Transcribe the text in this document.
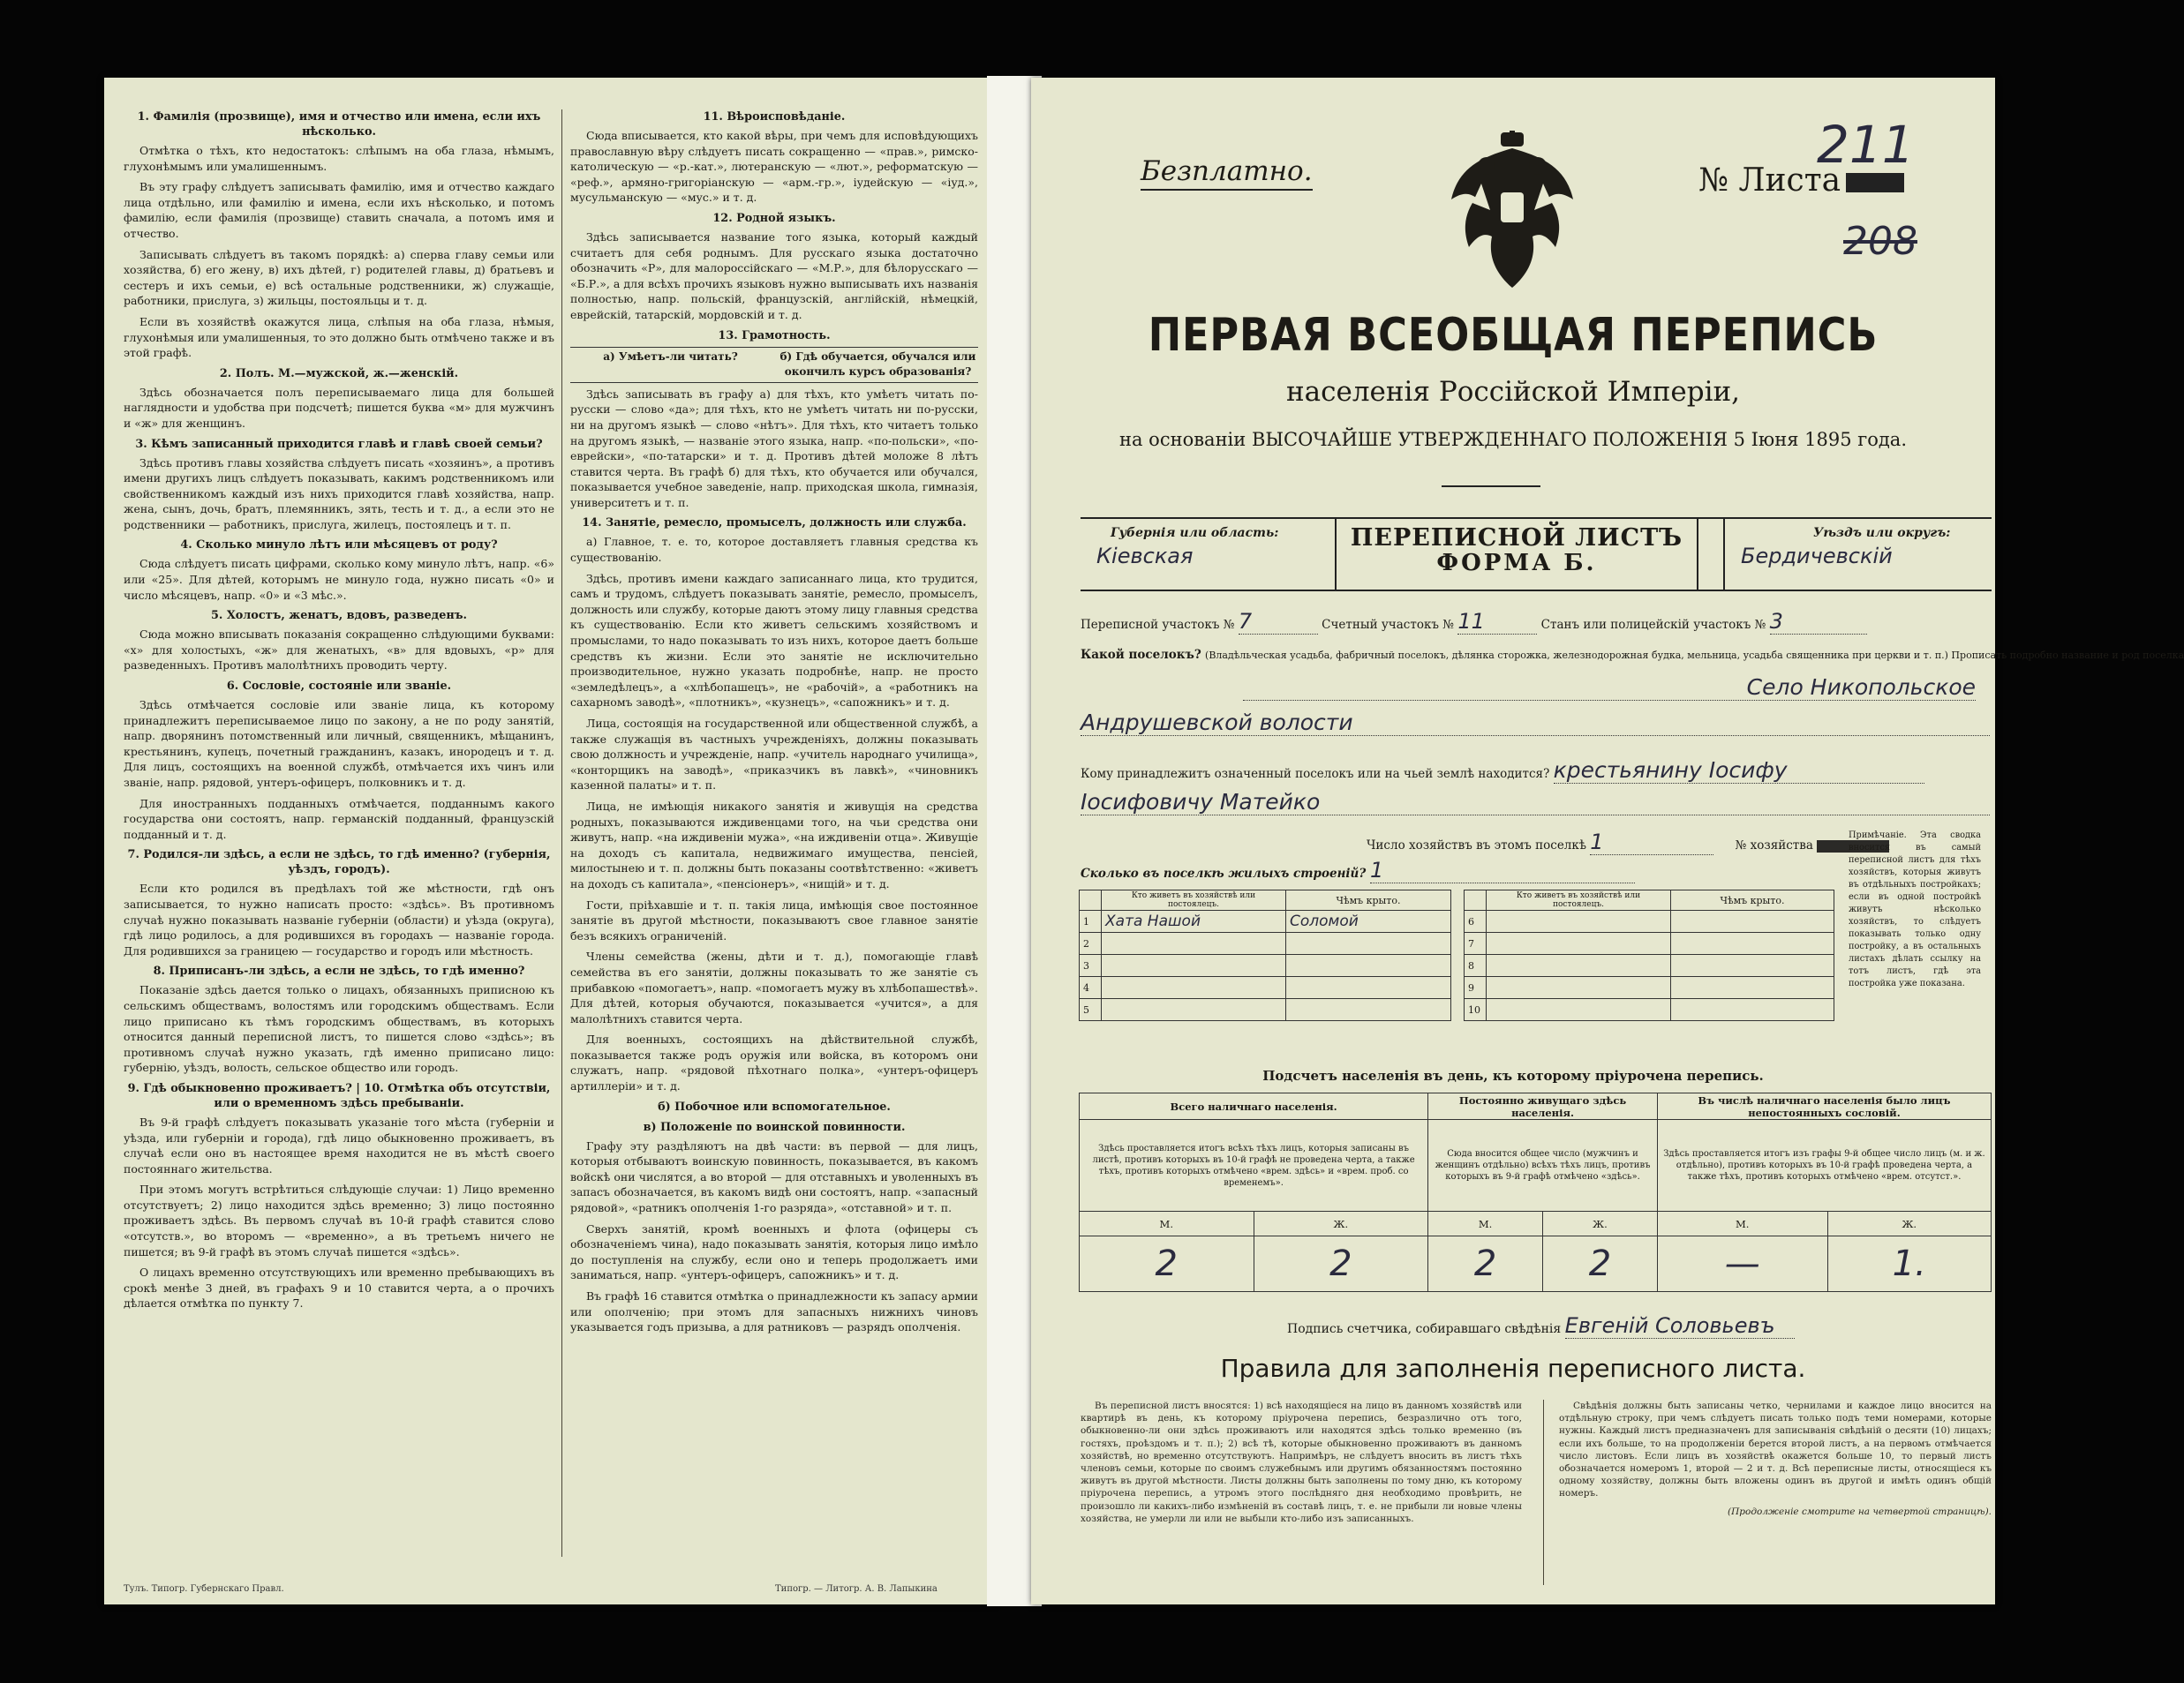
1. Фамилія (прозвище), имя и отчество или имена, если ихъ нѣсколько.

Отмѣтка о тѣхъ, кто недостатокъ: слѣпымъ на оба глаза, нѣмымъ, глухонѣмымъ или умалишеннымъ.

Въ эту графу слѣдуетъ записывать фамилію, имя и отчество каждаго лица отдѣльно, или фамилію и имена, если ихъ нѣсколько, и потомъ фамилію, если фамилія (прозвище) ставить сначала, а потомъ имя и отчество.

Записывать слѣдуетъ въ такомъ порядкѣ: а) сперва главу семьи или хозяйства, б) его жену, в) ихъ дѣтей, г) родителей главы, д) братьевъ и сестеръ и ихъ семьи, е) всѣ остальные родственники, ж) служащіе, работники, прислуга, з) жильцы, постояльцы и т. д.

Если въ хозяйствѣ окажутся лица, слѣпыя на оба глаза, нѣмыя, глухонѣмыя или умалишенныя, то это должно быть отмѣчено также и въ этой графѣ.

2. Полъ. М.—мужской, ж.—женскій.

Здѣсь обозначается полъ переписываемаго лица для большей наглядности и удобства при подсчетѣ; пишется буква «м» для мужчинъ и «ж» для женщинъ.

3. Кѣмъ записанный приходится главѣ и главѣ своей семьи?

Здѣсь противъ главы хозяйства слѣдуетъ писать «хозяинъ», а противъ имени другихъ лицъ слѣдуетъ показывать, какимъ родственникомъ или свойственникомъ каждый изъ нихъ приходится главѣ хозяйства, напр. жена, сынъ, дочь, братъ, племянникъ, зять, тесть и т. д., а если это не родственники — работникъ, прислуга, жилецъ, постоялецъ и т. п.

4. Сколько минуло лѣтъ или мѣсяцевъ от роду?

Сюда слѣдуетъ писать цифрами, сколько кому минуло лѣтъ, напр. «6» или «25». Для дѣтей, которымъ не минуло года, нужно писать «0» и число мѣсяцевъ, напр. «0» и «3 мѣс.».

5. Холостъ, женатъ, вдовъ, разведенъ.

Сюда можно вписывать показанія сокращенно слѣдующими буквами: «х» для холостыхъ, «ж» для женатыхъ, «в» для вдовыхъ, «р» для разведенныхъ. Противъ малолѣтнихъ проводить черту.

6. Сословіе, состояніе или званіе.

Здѣсь отмѣчается сословіе или званіе лица, къ которому принадлежитъ переписываемое лицо по закону, а не по роду занятій, напр. дворянинъ потомственный или личный, священникъ, мѣщанинъ, крестьянинъ, купецъ, почетный гражданинъ, казакъ, инородецъ и т. д. Для лицъ, состоящихъ на военной службѣ, отмѣчается ихъ чинъ или званіе, напр. рядовой, унтеръ-офицеръ, полковникъ и т. д.

Для иностранныхъ подданныхъ отмѣчается, подданнымъ какого государства они состоятъ, напр. германскій подданный, французскій подданный и т. д.

7. Родился-ли здѣсь, а если не здѣсь, то гдѣ именно? (губернія, уѣздъ, городъ).

Если кто родился въ предѣлахъ той же мѣстности, гдѣ онъ записывается, то нужно написать просто: «здѣсь». Въ противномъ случаѣ нужно показывать названіе губерніи (области) и уѣзда (округа), гдѣ лицо родилось, а для родившихся въ городахъ — названіе города. Для родившихся за границею — государство и городъ или мѣстность.

8. Приписанъ-ли здѣсь, а если не здѣсь, то гдѣ именно?

Показаніе здѣсь дается только о лицахъ, обязанныхъ приписною къ сельскимъ обществамъ, волостямъ или городскимъ обществамъ. Если лицо приписано къ тѣмъ городскимъ обществамъ, въ которыхъ относится данный переписной листъ, то пишется слово «здѣсь»; въ противномъ случаѣ нужно указать, гдѣ именно приписано лицо: губернію, уѣздъ, волость, сельское общество или городъ.

9. Гдѣ обыкновенно проживаетъ? | 10. Отмѣтка объ отсутствіи, или о временномъ здѣсь пребываніи.

Въ 9-й графѣ слѣдуетъ показывать указаніе того мѣста (губерніи и уѣзда, или губерніи и города), гдѣ лицо обыкновенно проживаетъ, въ случаѣ если оно въ настоящее время находится не въ мѣстѣ своего постояннаго жительства.

При этомъ могутъ встрѣтиться слѣдующіе случаи: 1) Лицо временно отсутствуетъ; 2) лицо находится здѣсь временно; 3) лицо постоянно проживаетъ здѣсь. Въ первомъ случаѣ въ 10-й графѣ ставится слово «отсутств.», во второмъ — «временно», а въ третьемъ ничего не пишется; въ 9-й графѣ въ этомъ случаѣ пишется «здѣсь».

О лицахъ временно отсутствующихъ или временно пребывающихъ въ срокѣ менѣе 3 дней, въ графахъ 9 и 10 ставится черта, а о прочихъ дѣлается отмѣтка по пункту 7.

11. Вѣроисповѣданіе.

Сюда вписывается, кто какой вѣры, при чемъ для исповѣдующихъ православную вѣру слѣдуетъ писать сокращенно — «прав.», римско-католическую — «р.-кат.», лютеранскую — «лют.», реформатскую — «реф.», армяно-григоріанскую — «арм.-гр.», іудейскую — «іуд.», мусульманскую — «муc.» и т. д.

12. Родной языкъ.

Здѣсь записывается название того языка, который каждый считаетъ для себя роднымъ. Для русскаго языка достаточно обозначить «Р», для малороссійскаго — «М.Р.», для бѣлорусскаго — «Б.Р.», а для всѣхъ прочихъ языковъ нужно выписывать ихъ названія полностью, напр. польскій, французскій, англійскій, нѣмецкій, еврейскій, татарскій, мордовскій и т. д.

13. Грамотность.
а) Умѣетъ-ли читать?	б) Гдѣ обучается, обучался или окончилъ курсъ образованія?

Здѣсь записывать въ графу а) для тѣхъ, кто умѣетъ читать по-русски — слово «да»; для тѣхъ, кто не умѣетъ читать ни по-русски, ни на другомъ языкѣ — слово «нѣтъ». Для тѣхъ, кто читаетъ только на другомъ языкѣ, — названіе этого языка, напр. «по-польски», «по-еврейски», «по-татарски» и т. д. Противъ дѣтей моложе 8 лѣтъ ставится черта. Въ графѣ б) для тѣхъ, кто обучается или обучался, показывается учебное заведеніе, напр. приходская школа, гимназія, университетъ и т. п.

14. Занятіе, ремесло, промыселъ, должность или служба.

а) Главное, т. е. то, которое доставляетъ главныя средства къ существованію.

Здѣсь, противъ имени каждаго записаннаго лица, кто трудится, самъ и трудомъ, слѣдуетъ показывать занятіе, ремесло, промыселъ, должность или службу, которые даютъ этому лицу главныя средства къ существованію. Если кто живетъ сельскимъ хозяйствомъ и промыслами, то надо показывать то изъ нихъ, которое даетъ больше средствъ къ жизни. Если это занятіе не исключительно производительное, нужно указать подробнѣе, напр. не просто «земледѣлецъ», а «хлѣбопашецъ», не «рабочій», а «работникъ на сахарномъ заводѣ», «плотникъ», «кузнецъ», «сапожникъ» и т. д.

Лица, состоящія на государственной или общественной службѣ, а также служащія въ частныхъ учрежденіяхъ, должны показывать свою должность и учрежденіе, напр. «учитель народнаго училища», «конторщикъ на заводѣ», «приказчикъ въ лавкѣ», «чиновникъ казенной палаты» и т. п.

Лица, не имѣющія никакого занятія и живущія на средства родныхъ, показываются иждивенцами того, на чьи средства они живутъ, напр. «на иждивеніи мужа», «на иждивеніи отца». Живущіе на доходъ съ капитала, недвижимаго имущества, пенсіей, милостынею и т. п. должны быть показаны соотвѣтственно: «живетъ на доходъ съ капитала», «пенсіонеръ», «нищій» и т. д.

Гости, пріѣхавшіе и т. п. такія лица, имѣющія свое постоянное занятіе въ другой мѣстности, показываютъ свое главное занятіе безъ всякихъ ограниченій.

Члены семейства (жены, дѣти и т. д.), помогающіе главѣ семейства въ его занятіи, должны показывать то же занятіе съ прибавкою «помогаетъ», напр. «помогаетъ мужу въ хлѣбопашествѣ». Для дѣтей, которыя обучаются, показывается «учится», а для малолѣтнихъ ставится черта.

Для военныхъ, состоящихъ на дѣйствительной службѣ, показывается также родъ оружія или войска, въ которомъ они служатъ, напр. «рядовой пѣхотнаго полка», «унтеръ-офицеръ артиллеріи» и т. д.

б) Побочное или вспомогательное.
в) Положеніе по воинской повинности.

Графу эту раздѣляютъ на двѣ части: въ первой — для лицъ, которыя отбываютъ воинскую повинность, показывается, въ какомъ войскѣ они числятся, а во второй — для отставныхъ и уволенныхъ въ запасъ обозначается, въ какомъ видѣ они состоятъ, напр. «запасный рядовой», «ратникъ ополченія 1-го разряда», «отставной» и т. п.

Сверхъ занятій, кромѣ военныхъ и флота (офицеры съ обозначеніемъ чина), надо показывать занятія, которыя лицо имѣло до поступленія на службу, если оно и теперь продолжаетъ ими заниматься, напр. «унтеръ-офицеръ, сапожникъ» и т. д.

Въ графѣ 16 ставится отмѣтка о принадлежности къ запасу армии или ополченію; при этомъ для запасныхъ нижнихъ чиновъ указывается годъ призыва, а для ратниковъ — разрядъ ополченія.

Тулъ. Типогр. Губернскаго Правл.	Типогр. — Литогр. А. В. Лапыкина
Безплатно.	№ Листа
211
208
ПЕРВАЯ ВСЕОБЩАЯ ПЕРЕПИСЬ
населенія Россійской Имперіи,
на основаніи ВЫСОЧАЙШЕ УТВЕРЖДЕННАГО ПОЛОЖЕНІЯ 5 Іюня 1895 года.
Губернія или область:
Кіевская
ПЕРЕПИСНОЙ ЛИСТЪ
ФОРМА Б.
Уѣздъ или округъ:
Бердичевскій
Переписной участокъ № 7	Счетный участокъ № 11	Станъ или полицейскій участокъ № 3
Какой поселокъ? (Владѣльческая усадьба, фабричный поселокъ, дѣлянка сторожка, железнодорожная будка, мельница, усадьба священника при церкви и т. п.) Прописать подробно название и род поселка
Село Никопольское
Андрушевской волости
Кому принадлежитъ означенный поселокъ или на чьей землѣ находится? крестьянину Іосифу
Іосифовичу Матейко
Число хозяйствъ въ этомъ поселкѣ 1	№ хозяйства
Сколько въ поселкѣ жилыхъ строеній? 1
	Кто живетъ въ хозяйствѣ или постоялецъ.	Чѣмъ крыто.
1	Хата Нашой	Соломой
2		
3		
4		
5		
	Кто живетъ въ хозяйствѣ или постоялецъ.	Чѣмъ крыто.
6		
7		
8		
9		
10		
Примѣчаніе. Эта сводка вносится въ самый переписной листъ для тѣхъ хозяйствъ, которыя живутъ въ отдѣльныхъ постройкахъ; если въ одной постройкѣ живутъ нѣсколько хозяйствъ, то слѣдуетъ показывать только одну постройку, а въ остальныхъ листахъ дѣлать ссылку на тотъ листъ, гдѣ эта постройка уже показана.
Подсчетъ населенія въ день, къ которому пріурочена перепись.
Всего наличнаго населенія.		Постоянно живущаго здѣсь населенія.		Въ числѣ наличнаго населенія было лицъ непостоянныхъ сословій.	
Здѣсь проставляется итогъ всѣхъ тѣхъ лицъ, которыя записаны въ листѣ, противъ которыхъ въ 10-й графѣ не проведена черта, а также тѣхъ, противъ которыхъ отмѣчено «врем. здѣсь» и «врем. проб. со временемъ».		Сюда вносится общее число (мужчинъ и женщинъ отдѣльно) всѣхъ тѣхъ лицъ, противъ которыхъ въ 9-й графѣ отмѣчено «здѣсь».		Здѣсь проставляется итогъ изъ графы 9-й общее число лицъ (м. и ж. отдѣльно), противъ которыхъ въ 10-й графѣ проведена черта, а также тѣхъ, противъ которыхъ отмѣчено «врем. отсутст.».	
М.	Ж.	М.	Ж.	М.	Ж.
2	2	2	2	—	1.
Подпись счетчика, собиравшаго свѣдѣнія Евгеній Соловьевъ
Правила для заполненія переписного листа.

Въ переписной листъ вносятся: 1) всѣ находящіеся на лицо въ данномъ хозяйствѣ или квартирѣ въ день, къ которому пріурочена перепись, безразлично отъ того, обыкновенно-ли они здѣсь проживаютъ или находятся здѣсь только временно (въ гостяхъ, проѣздомъ и т. п.); 2) всѣ тѣ, которые обыкновенно проживаютъ въ данномъ хозяйствѣ, но временно отсутствуютъ. Напримѣръ, не слѣдуетъ вносить въ листъ тѣхъ членовъ семьи, которые по своимъ служебнымъ или другимъ обязанностямъ постоянно живутъ въ другой мѣстности. Листы должны быть заполнены по тому дню, къ которому пріурочена перепись, а утромъ этого послѣдняго дня необходимо провѣрить, не произошло ли какихъ-либо измѣненій въ составѣ лицъ, т. е. не прибыли ли новые члены хозяйства, не умерли ли или не выбыли кто-либо изъ записанныхъ.

Свѣдѣнія должны быть записаны четко, чернилами и каждое лицо вносится на отдѣльную строку, при чемъ слѣдуетъ писать только подъ теми номерами, которые нужны. Каждый листъ предназначенъ для записыванія свѣдѣній о десяти (10) лицахъ; если ихъ больше, то на продолженіи берется второй листъ, а на первомъ отмѣчается число листовъ. Если лицъ въ хозяйствѣ окажется больше 10, то первый листъ обозначается номеромъ 1, второй — 2 и т. д. Всѣ переписные листы, относящіеся къ одному хозяйству, должны быть вложены одинъ въ другой и имѣть одинъ общій номеръ.

(Продолженіе смотрите на четвертой страницѣ).
